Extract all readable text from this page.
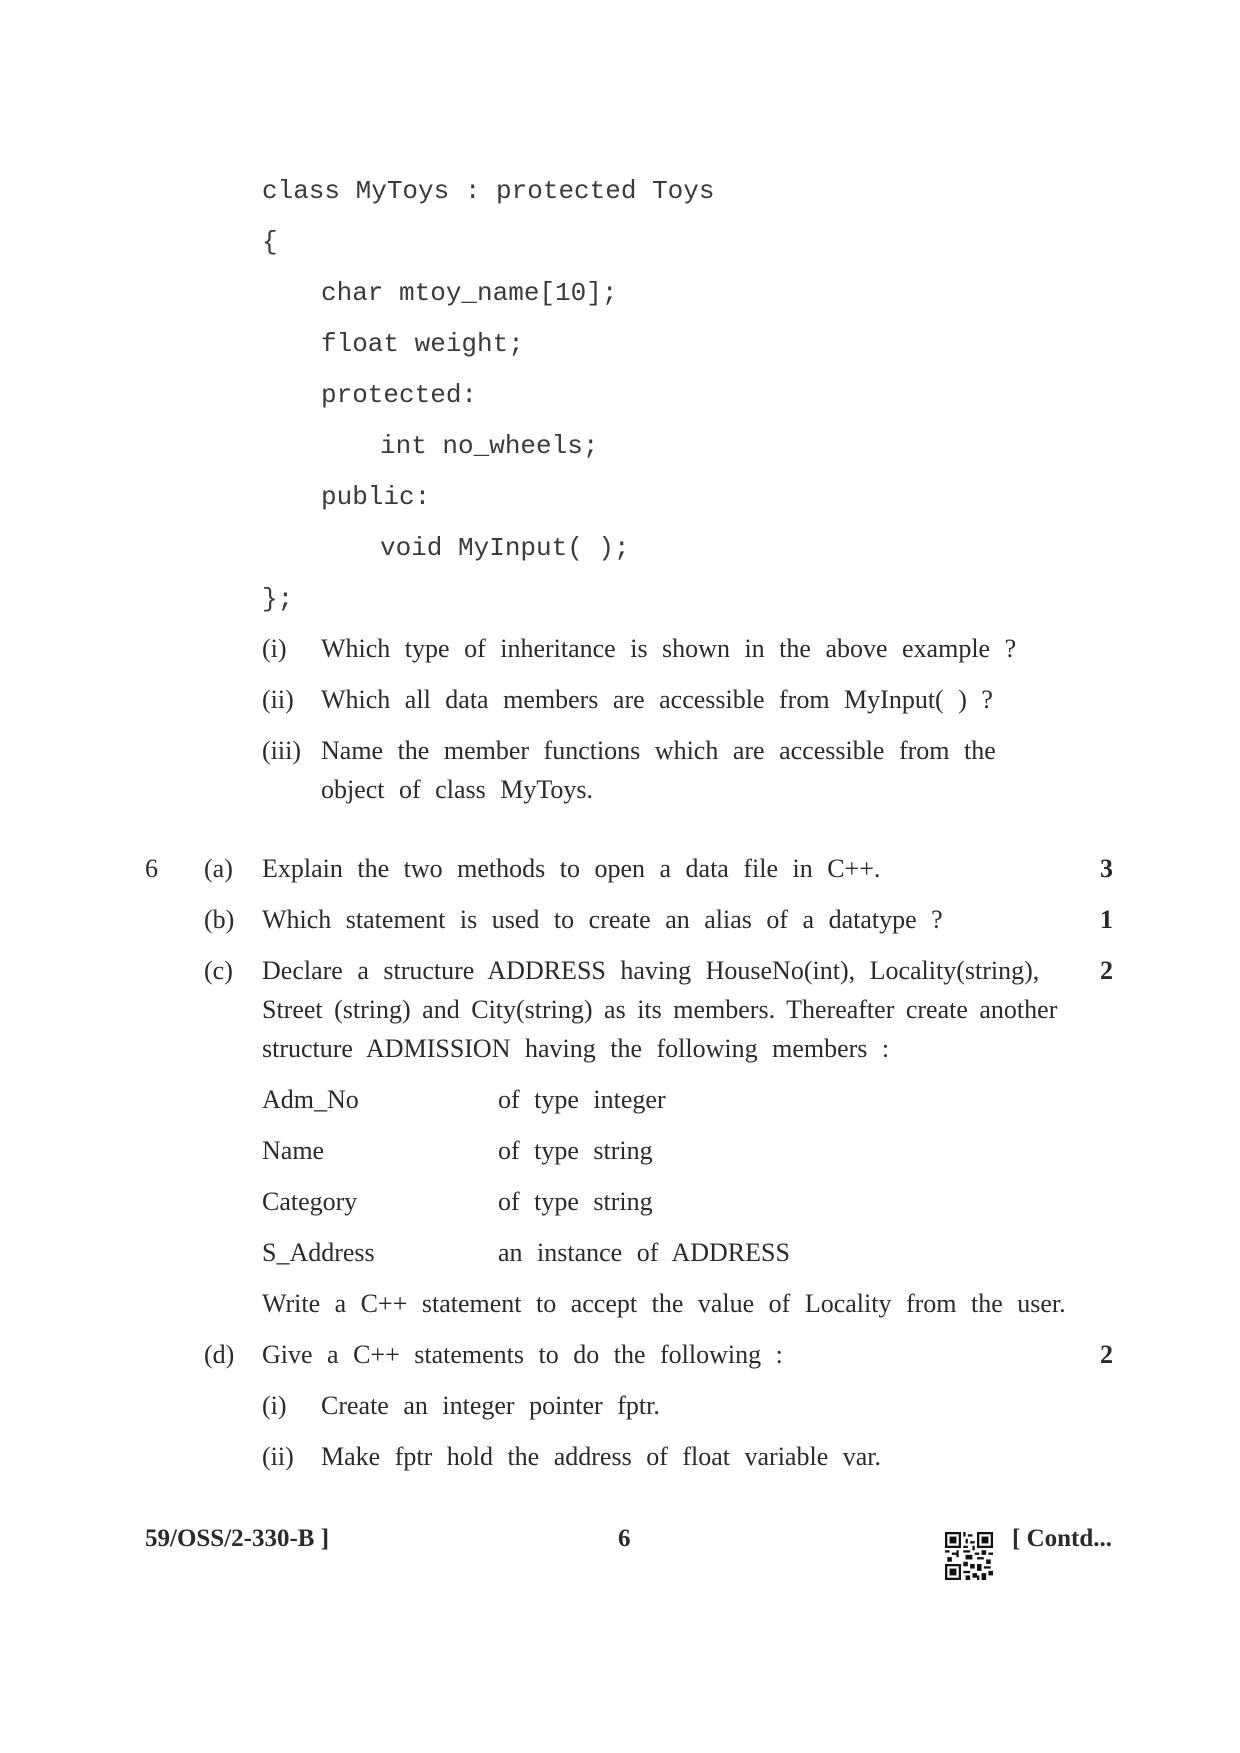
class MyToys : protected Toys
{
char mtoy_name[10];
float weight;
protected:
int no_wheels;
public:
void MyInput( );
};
(i) Which type of inheritance is shown in the above example ?
(ii) Which all data members are accessible from MyInput( ) ?
(iii) Name the member functions which are accessible from the
object of class MyToys.
6 (a) Explain the two methods to open a data file in C++.	3
(b) Which statement is used to create an alias of a datatype ?	1
(c) Declare a structure ADDRESS having HouseNo(int), Locality(string), 2
Street (string) and City(string) as its members. Thereafter create another
structure ADMISSION having the following members :
Adm_No	of type integer
Name	of type string
Category	of type string
S_Address	an instance of ADDRESS
Write a C++ statement to accept the value of Locality from the user.
(d) Give a C++ statements to do the following :	2
(i) Create an integer pointer fptr.
(ii) Make fptr hold the address of float variable var.
59/OSS/2-330-B ]	6	[ Contd...
